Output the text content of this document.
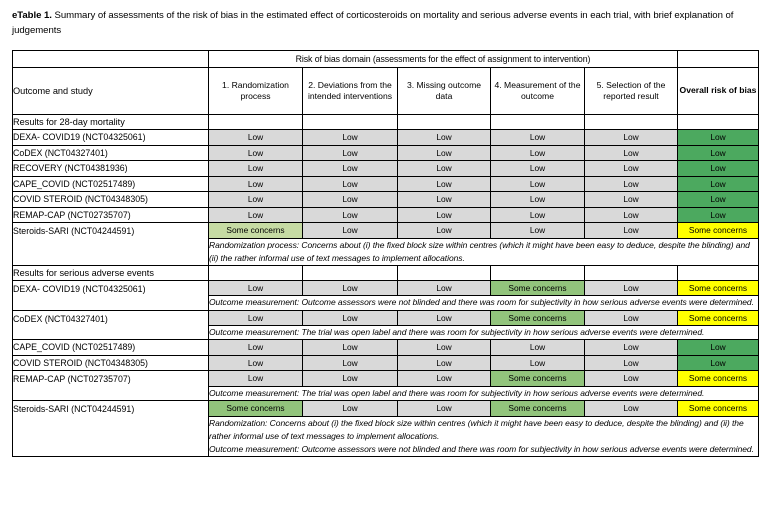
eTable 1. Summary of assessments of the risk of bias in the estimated effect of corticosteroids on mortality and serious adverse events in each trial, with brief explanation of judgements
	Risk of bias domain (assessments for the effect of assignment to intervention)					
Outcome and study	1. Randomization process	2. Deviations from the intended interventions	3. Missing outcome data	4. Measurement of the outcome	5. Selection of the reported result	Overall risk of bias
Results for 28-day mortality						
DEXA- COVID19 (NCT04325061)	Low	Low	Low	Low	Low	Low
CoDEX (NCT04327401)	Low	Low	Low	Low	Low	Low
RECOVERY (NCT04381936)	Low	Low	Low	Low	Low	Low
CAPE_COVID (NCT02517489)	Low	Low	Low	Low	Low	Low
COVID STEROID (NCT04348305)	Low	Low	Low	Low	Low	Low
REMAP-CAP (NCT02735707)	Low	Low	Low	Low	Low	Low
Steroids-SARI (NCT04244591)	Some concerns	Low	Low	Low	Low	Some concerns

	Randomization process: Concerns about (i) the fixed block size within centres (which it might have been easy to deduce, despite the blinding) and (ii) the rather informal use of text messages to implement allocations.					

Results for serious adverse events						
DEXA- COVID19 (NCT04325061)	Low	Low	Low	Some concerns	Low	Some concerns

	Outcome measurement: Outcome assessors were not blinded and there was room for subjectivity in how serious adverse events were determined.					

CoDEX (NCT04327401)	Low	Low	Low	Some concerns	Low	Some concerns

	Outcome measurement: The trial was open label and there was room for subjectivity in how serious adverse events were determined.					

CAPE_COVID (NCT02517489)	Low	Low	Low	Low	Low	Low
COVID STEROID (NCT04348305)	Low	Low	Low	Low	Low	Low
REMAP-CAP (NCT02735707)	Low	Low	Low	Some concerns	Low	Some concerns

	Outcome measurement: The trial was open label and there was room for subjectivity in how serious adverse events were determined.					

Steroids-SARI (NCT04244591)	Some concerns	Low	Low	Some concerns	Low	Some concerns

	Randomization: Concerns about (i) the fixed block size within centres (which it might have been easy to deduce, despite the blinding) and (ii) the rather informal use of text messages to implement allocations.

Outcome measurement: Outcome assessors were not blinded and there was room for subjectivity in how serious adverse events were determined.					
